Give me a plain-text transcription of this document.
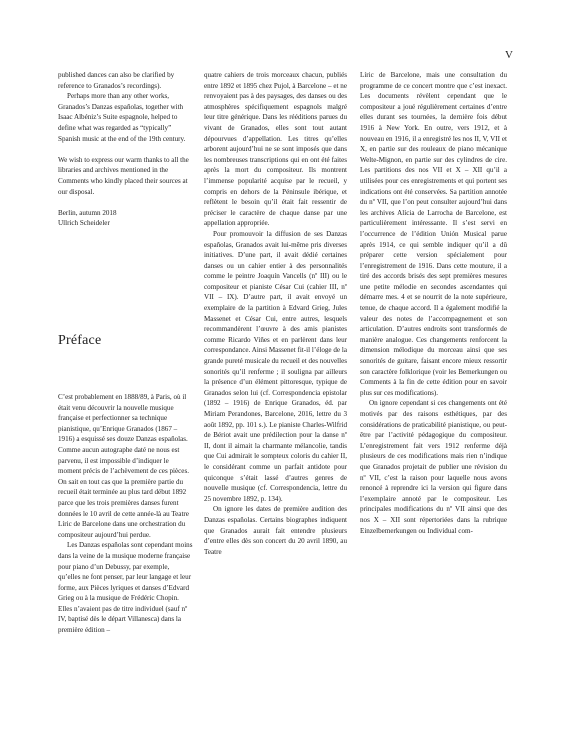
V

published dances can also be clarified by reference to Granados’s recordings).

Perhaps more than any other works, Granados’s Danzas españolas, together with Isaac Albéniz’s Suite espagnole, helped to define what was regarded as “typically” Spanish music at the end of the 19th century.

We wish to express our warm thanks to all the libraries and archives mentioned in the Comments who kindly placed their sources at our disposal.

Berlin, autumn 2018

Ullrich Scheideler

Préface

C’est probablement en 1888/89, à Paris, où il était venu découvrir la nouvelle musique française et perfectionner sa technique pianistique, qu’Enrique Granados (1867 – 1916) a esquissé ses douze Danzas españolas. Comme aucun autographe daté ne nous est parvenu, il est impossible d’indiquer le moment précis de l’achèvement de ces pièces. On sait en tout cas que la première partie du recueil était terminée au plus tard début 1892 parce que les trois premières danses furent données le 10 avril de cette année-là au Teatre Líric de Barcelone dans une orchestration du compositeur aujourd’hui perdue.

Les Danzas españolas sont cependant moins dans la veine de la musique moderne française pour piano d’un Debussy, par exemple, qu’elles ne font penser, par leur langage et leur forme, aux Pièces lyriques et danses d’Edvard Grieg ou à la musique de Frédéric Chopin. Elles n’avaient pas de titre individuel (sauf nº IV, baptisé dès le départ Villanesca) dans la première édition –

quatre cahiers de trois morceaux chacun, publiés entre 1892 et 1895 chez Pujol, à Barcelone – et ne renvoyaient pas à des paysages, des danses ou des atmosphères spécifiquement espagnols malgré leur titre générique. Dans les rééditions parues du vivant de Granados, elles sont tout autant dépourvues d’appellation. Les titres qu’elles arborent aujourd’hui ne se sont imposés que dans les nombreuses transcriptions qui en ont été faites après la mort du compositeur. Ils montrent l’immense popularité acquise par le recueil, y compris en dehors de la Péninsule ibérique, et reflètent le besoin qu’il était fait ressentir de préciser le caractère de chaque danse par une appellation appropriée.

Pour promouvoir la diffusion de ses Danzas españolas, Granados avait lui-même pris diverses initiatives. D’une part, il avait dédié certaines danses ou un cahier entier à des personnalités comme le peintre Joaquín Vancells (nº III) ou le compositeur et pianiste César Cui (cahier III, nº VII – IX). D’autre part, il avait envoyé un exemplaire de la partition à Edvard Grieg, Jules Massenet et César Cui, entre autres, lesquels recommandèrent l’œuvre à des amis pianistes comme Ricardo Viñes et en parlèrent dans leur correspondance. Ainsi Massenet fit-il l’éloge de la grande pureté musicale du recueil et des nouvelles sonorités qu’il renferme ; il souligna par ailleurs la présence d’un élément pittoresque, typique de Granados selon lui (cf. Correspondencia epistolar (1892 – 1916) de Enrique Granados, éd. par Miriam Perandones, Barcelone, 2016, lettre du 3 août 1892, pp. 101 s.). Le pianiste Charles-Wilfrid de Bériot avait une prédilection pour la danse nº II, dont il aimait la charmante mélancolie, tandis que Cui admirait le sompteux coloris du cahier II, le considérant comme un parfait antidote pour quiconque s’était lassé d’autres genres de nouvelle musique (cf. Correspondencia, lettre du 25 novembre 1892, p. 134).

On ignore les dates de première audition des Danzas españolas. Certains biographes indiquent que Granados aurait fait entendre plusieurs d’entre elles dès son concert du 20 avril 1890, au Teatre

Líric de Barcelone, mais une consultation du programme de ce concert montre que c’est inexact. Les documents révèlent cependant que le compositeur a joué régulièrement certaines d’entre elles durant ses tournées, la dernière fois début 1916 à New York. En outre, vers 1912, et à nouveau en 1916, il a enregistré les nos II, V, VII et X, en partie sur des rouleaux de piano mécanique Welte-Mignon, en partie sur des cylindres de cire. Les partitions des nos VII et X – XII qu’il a utilisées pour ces enregistrements et qui portent ses indications ont été conservées. Sa partition annotée du nº VII, que l’on peut consulter aujourd’hui dans les archives Alícia de Larrocha de Barcelone, est particulièrement intéressante. Il s’est servi en l’occurrence de l’édition Unión Musical parue après 1914, ce qui semble indiquer qu’il a dû préparer cette version spécialement pour l’enregistrement de 1916. Dans cette mouture, il a tiré des accords brisés des sept premières mesures une petite mélodie en secondes ascendantes qui démarre mes. 4 et se nourrit de la note supérieure, tenue, de chaque accord. Il a également modifié la valeur des notes de l’accompagnement et son articulation. D’autres endroits sont transformés de manière analogue. Ces changements renforcent la dimension mélodique du morceau ainsi que ses sonorités de guitare, faisant encore mieux ressortir son caractère folklorique (voir les Bemerkungen ou Comments à la fin de cette édition pour en savoir plus sur ces modifications).

On ignore cependant si ces changements ont été motivés par des raisons esthétiques, par des considérations de praticabilité pianistique, ou peut-être par l’activité pédagogique du compositeur. L’enregistrement fait vers 1912 renferme déjà plusieurs de ces modifications mais rien n’indique que Granados projetait de publier une révision du nº VII, c’est la raison pour laquelle nous avons renoncé à reprendre ici la version qui figure dans l’exemplaire annoté par le compositeur. Les principales modifications du nº VII ainsi que des nos X – XII sont répertoriées dans la rubrique Einzelbemerkungen ou Individual com-
